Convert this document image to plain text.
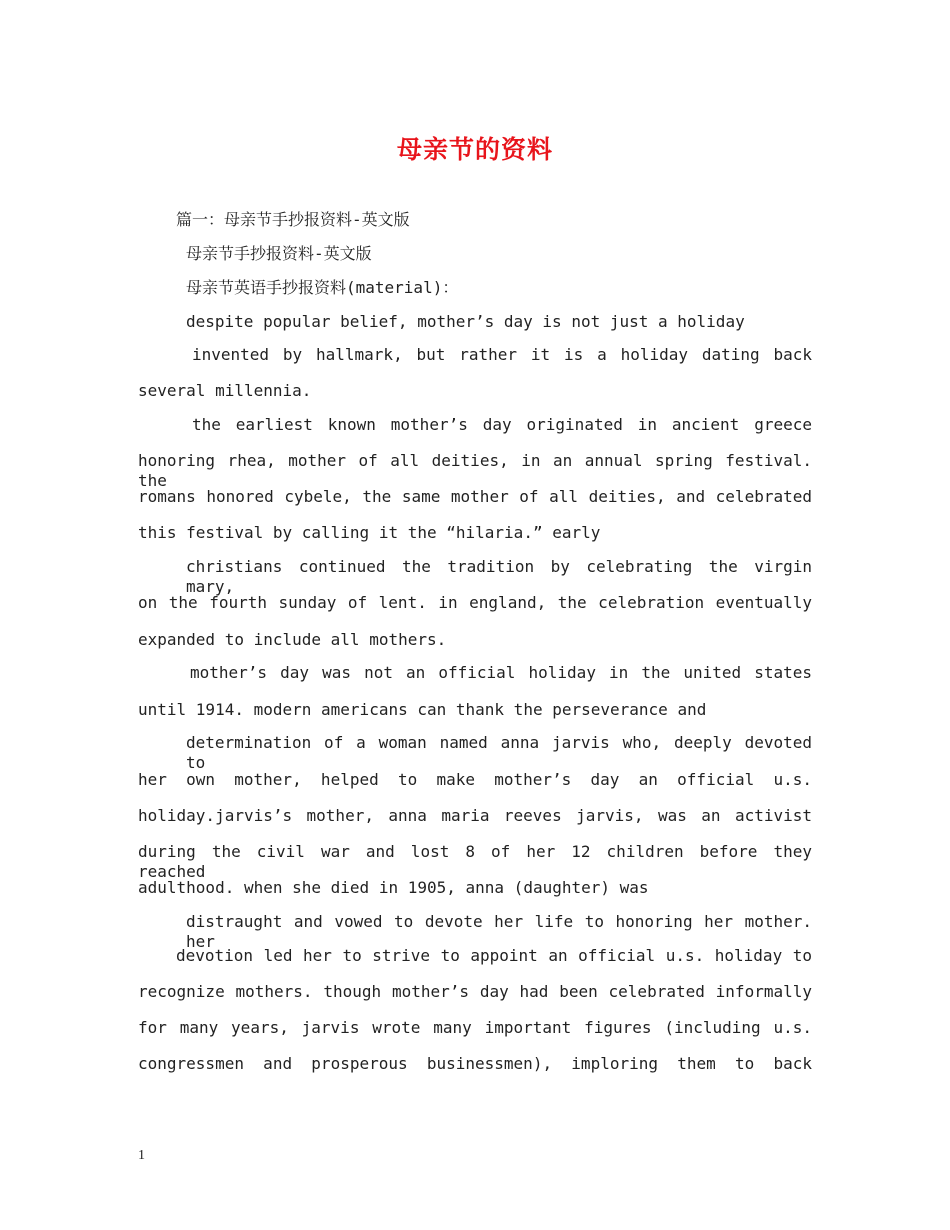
母亲节的资料
篇一：母亲节手抄报资料-英文版
母亲节手抄报资料-英文版
母亲节英语手抄报资料(material)：
despite popular belief, mother’s day is not just a holiday
invented by hallmark, but rather it is a holiday dating back
several millennia.
the earliest known mother’s day originated in ancient greece
honoring rhea, mother of all deities, in an annual spring festival. the
romans honored cybele, the same mother of all deities, and celebrated
this festival by calling it the “hilaria.” early
christians continued the tradition by celebrating the virgin mary,
on the fourth sunday of lent. in england, the celebration eventually
expanded to include all mothers.
mother’s day was not an official holiday in the united states
until 1914. modern americans can thank the perseverance and
determination of a woman named anna jarvis who, deeply devoted to
her own mother, helped to make mother’s day an official u.s.
holiday.jarvis’s mother, anna maria reeves jarvis, was an activist
during the civil war and lost 8 of her 12 children before they reached
adulthood. when she died in 1905, anna (daughter) was
distraught and vowed to devote her life to honoring her mother. her
devotion led her to strive to appoint an official u.s. holiday to
recognize mothers. though mother’s day had been celebrated informally
for many years, jarvis wrote many important figures (including u.s.
congressmen and prosperous businessmen), imploring them to back
1
